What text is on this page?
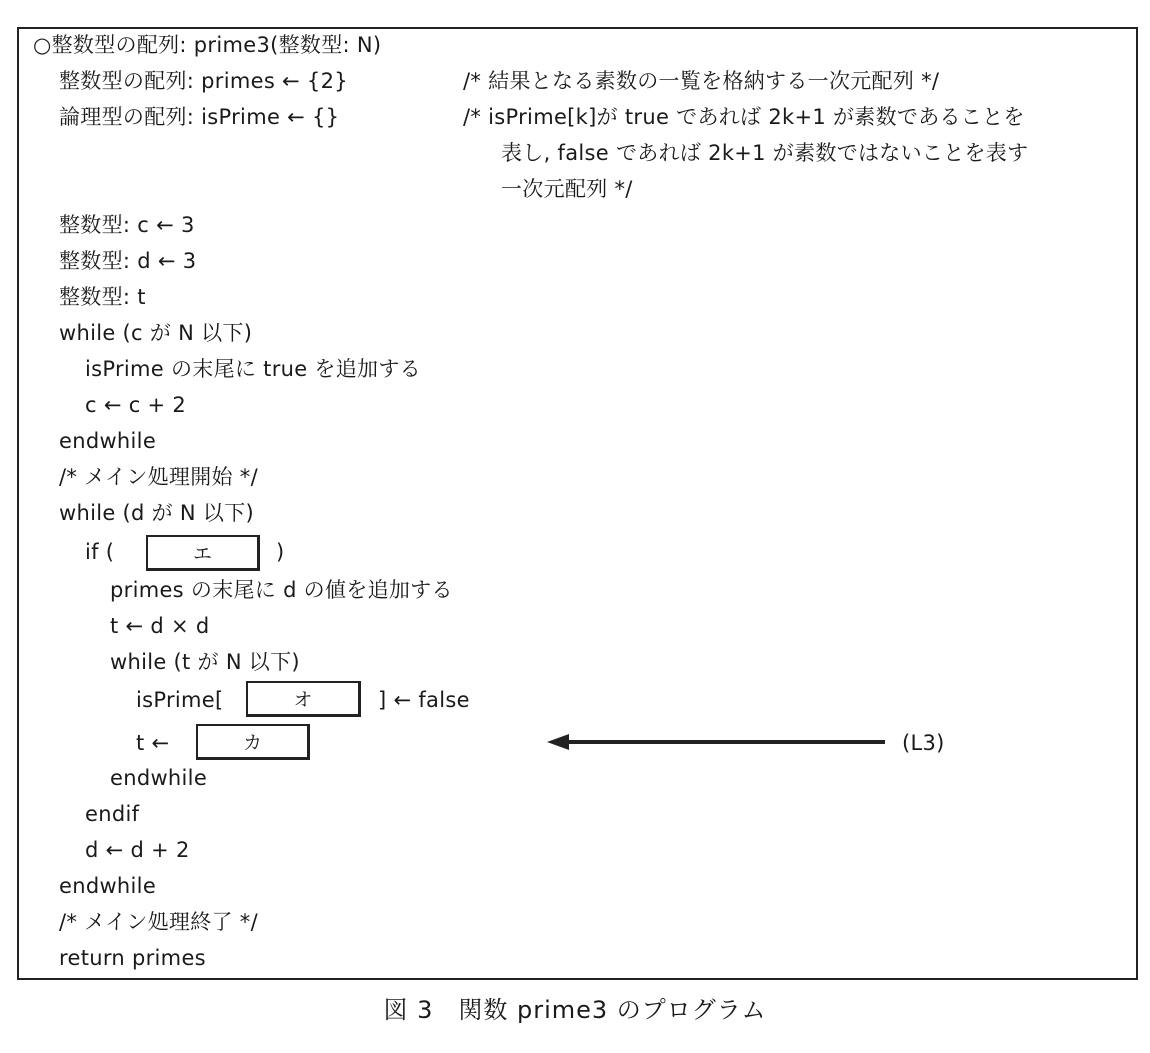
○整数型の配列: prime3(整数型: N)
整数型の配列: primes ← {2}	/* 結果となる素数の一覧を格納する一次元配列 */
論理型の配列: isPrime ← {}	/* isPrime[k]が true であれば 2k+1 が素数であることを
表し, false であれば 2k+1 が素数ではないことを表す
一次元配列 */
整数型: c ← 3
整数型: d ← 3
整数型: t
while (c が N 以下)
isPrime の末尾に true を追加する
c ← c + 2
endwhile
/* メイン処理開始 */
while (d が N 以下)
if (	エ	)
primes の末尾に d の値を追加する
t ← d × d
while (t が N 以下)
isPrime[	オ	] ← false
t ←	カ	(L3)
endwhile
endif
d ← d + 2
endwhile
/* メイン処理終了 */
return primes
図 3　関数 prime3 のプログラム
